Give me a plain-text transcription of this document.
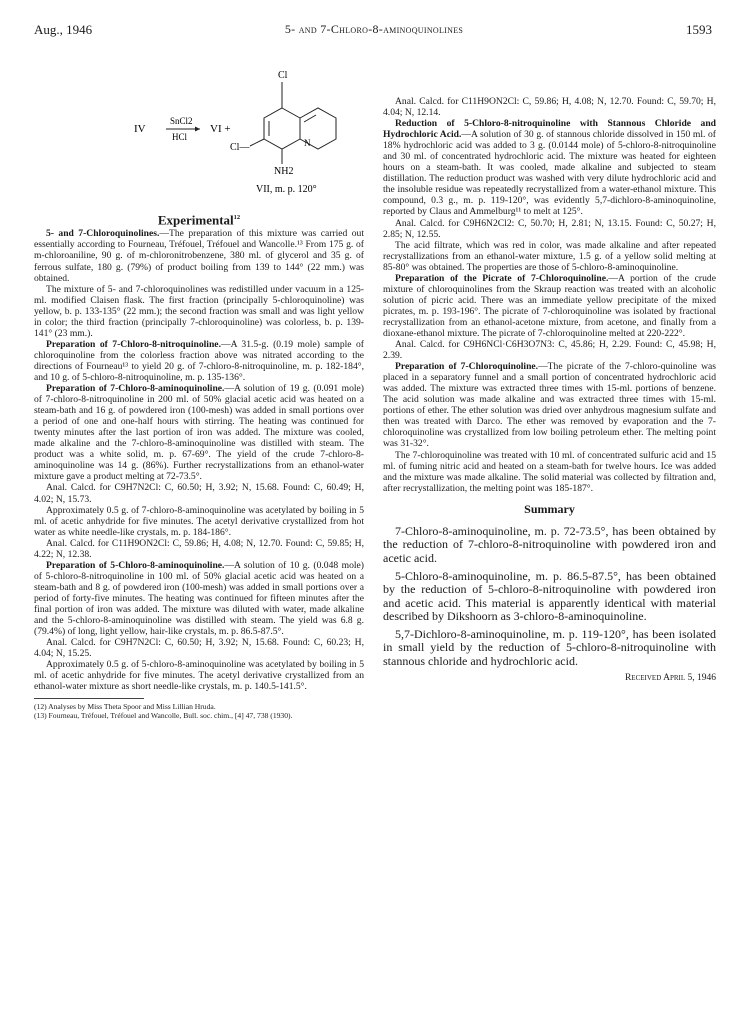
Aug., 1946	5- and 7-Chloro-8-aminoquinolines	1593
IV
SnCl2
HCl
VI +
Cl
Cl—	N
NH2
VII, m. p. 120°
Experimental$^{12}$

5- and 7-Chloroquinolines.—The preparation of this mixture was carried out essentially according to Fourneau, Tréfouel, Tréfouel and Wancolle.¹³ From 175 g. of m-chloroaniline, 90 g. of m-chloronitrobenzene, 380 ml. of glycerol and 35 g. of ferrous sulfate, 180 g. (79%) of product boiling from 139 to 144° (22 mm.) was obtained.

The mixture of 5- and 7-chloroquinolines was redistilled under vacuum in a 125-ml. modified Claisen flask. The first fraction (principally 5-chloroquinoline) was yellow, b. p. 133-135° (22 mm.); the second fraction was small and was light yellow in color; the third fraction (principally 7-chloroquinoline) was colorless, b. p. 139-141° (23 mm.).

Preparation of 7-Chloro-8-nitroquinoline.—A 31.5-g. (0.19 mole) sample of chloroquinoline from the colorless fraction above was nitrated according to the directions of Fourneau¹³ to yield 20 g. of 7-chloro-8-nitroquinoline, m. p. 182-184°, and 10 g. of 5-chloro-8-nitroquinoline, m. p. 135-136°.

Preparation of 7-Chloro-8-aminoquinoline.—A solution of 19 g. (0.091 mole) of 7-chloro-8-nitroquinoline in 200 ml. of 50% glacial acetic acid was heated on a steam-bath and 16 g. of powdered iron (100-mesh) was added in small portions over a period of one and one-half hours with stirring. The heating was continued for twenty minutes after the last portion of iron was added. The mixture was cooled, made alkaline and the 7-chloro-8-aminoquinoline was distilled with steam. The product was a white solid, m. p. 67-69°. The yield of the crude 7-chloro-8-aminoquinoline was 14 g. (86%). Further recrystallizations from an ethanol-water mixture gave a product melting at 72-73.5°.

Anal. Calcd. for C9H7N2Cl: C, 60.50; H, 3.92; N, 15.68. Found: C, 60.49; H, 4.02; N, 15.73.

Approximately 0.5 g. of 7-chloro-8-aminoquinoline was acetylated by boiling in 5 ml. of acetic anhydride for five minutes. The acetyl derivative crystallized from hot water as white needle-like crystals, m. p. 184-186°.

Anal. Calcd. for C11H9ON2Cl: C, 59.86; H, 4.08; N, 12.70. Found: C, 59.85; H, 4.22; N, 12.38.

Preparation of 5-Chloro-8-aminoquinoline.—A solution of 10 g. (0.048 mole) of 5-chloro-8-nitroquinoline in 100 ml. of 50% glacial acetic acid was heated on a steam-bath and 8 g. of powdered iron (100-mesh) was added in small portions over a period of forty-five minutes. The heating was continued for fifteen minutes after the final portion of iron was added. The mixture was diluted with water, made alkaline and the 5-chloro-8-aminoquinoline was distilled with steam. The yield was 6.8 g. (79.4%) of long, light yellow, hair-like crystals, m. p. 86.5-87.5°.

Anal. Calcd. for C9H7N2Cl: C, 60.50; H, 3.92; N, 15.68. Found: C, 60.23; H, 4.04; N, 15.25.

Approximately 0.5 g. of 5-chloro-8-aminoquinoline was acetylated by boiling in 5 ml. of acetic anhydride for five minutes. The acetyl derivative crystallized from an ethanol-water mixture as short needle-like crystals, m. p. 140.5-141.5°.

(12) Analyses by Miss Theta Spoor and Miss Lillian Hruda.

(13) Fourneau, Tréfouel, Tréfouel and Wancolle, Bull. soc. chim., [4] 47, 738 (1930).

Anal. Calcd. for C11H9ON2Cl: C, 59.86; H, 4.08; N, 12.70. Found: C, 59.70; H, 4.04; N, 12.14.

Reduction of 5-Chloro-8-nitroquinoline with Stannous Chloride and Hydrochloric Acid.—A solution of 30 g. of stannous chloride dissolved in 150 ml. of 18% hydrochloric acid was added to 3 g. (0.0144 mole) of 5-chloro-8-nitroquinoline and 30 ml. of concentrated hydrochloric acid. The mixture was heated for eighteen hours on a steam-bath. It was cooled, made alkaline and subjected to steam distillation. The reduction product was washed with very dilute hydrochloric acid and the insoluble residue was repeatedly recrystallized from a water-ethanol mixture. This compound, 0.3 g., m. p. 119-120°, was evidently 5,7-dichloro-8-aminoquinoline, reported by Claus and Ammelburg¹¹ to melt at 125°.

Anal. Calcd. for C9H6N2Cl2: C, 50.70; H, 2.81; N, 13.15. Found: C, 50.27; H, 2.85; N, 12.55.

The acid filtrate, which was red in color, was made alkaline and after repeated recrystallizations from an ethanol-water mixture, 1.5 g. of a yellow solid melting at 85-80° was obtained. The properties are those of 5-chloro-8-aminoquinoline.

Preparation of the Picrate of 7-Chloroquinoline.—A portion of the crude mixture of chloroquinolines from the Skraup reaction was treated with an alcoholic solution of picric acid. There was an immediate yellow precipitate of the mixed picrates, m. p. 193-196°. The picrate of 7-chloroquinoline was isolated by fractional recrystallization from an ethanol-acetone mixture, from acetone, and finally from a dioxane-ethanol mixture. The picrate of 7-chloroquinoline melted at 220-222°.

Anal. Calcd. for C9H6NCl·C6H3O7N3: C, 45.86; H, 2.29. Found: C, 45.98; H, 2.39.

Preparation of 7-Chloroquinoline.—The picrate of the 7-chloro-quinoline was placed in a separatory funnel and a small portion of concentrated hydrochloric acid was added. The mixture was extracted three times with 15-ml. portions of benzene. The acid solution was made alkaline and was extracted three times with 15-ml. portions of ether. The ether solution was dried over anhydrous magnesium sulfate and then was treated with Darco. The ether was removed by evaporation and the 7-chloroquinoline was crystallized from low boiling petroleum ether. The melting point was 31-32°.

The 7-chloroquinoline was treated with 10 ml. of concentrated sulfuric acid and 15 ml. of fuming nitric acid and heated on a steam-bath for twelve hours. Ice was added and the mixture was made alkaline. The solid material was collected by filtration and, after recrystallization, the melting point was 185-187°.

Summary

7-Chloro-8-aminoquinoline, m. p. 72-73.5°, has been obtained by the reduction of 7-chloro-8-nitroquinoline with powdered iron and acetic acid.

5-Chloro-8-aminoquinoline, m. p. 86.5-87.5°, has been obtained by the reduction of 5-chloro-8-nitroquinoline with powdered iron and acetic acid. This material is apparently identical with material described by Dikshoorn as 3-chloro-8-aminoquinoline.

5,7-Dichloro-8-aminoquinoline, m. p. 119-120°, has been isolated in small yield by the reduction of 5-chloro-8-nitroquinoline with stannous chloride and hydrochloric acid.

Received April 5, 1946
